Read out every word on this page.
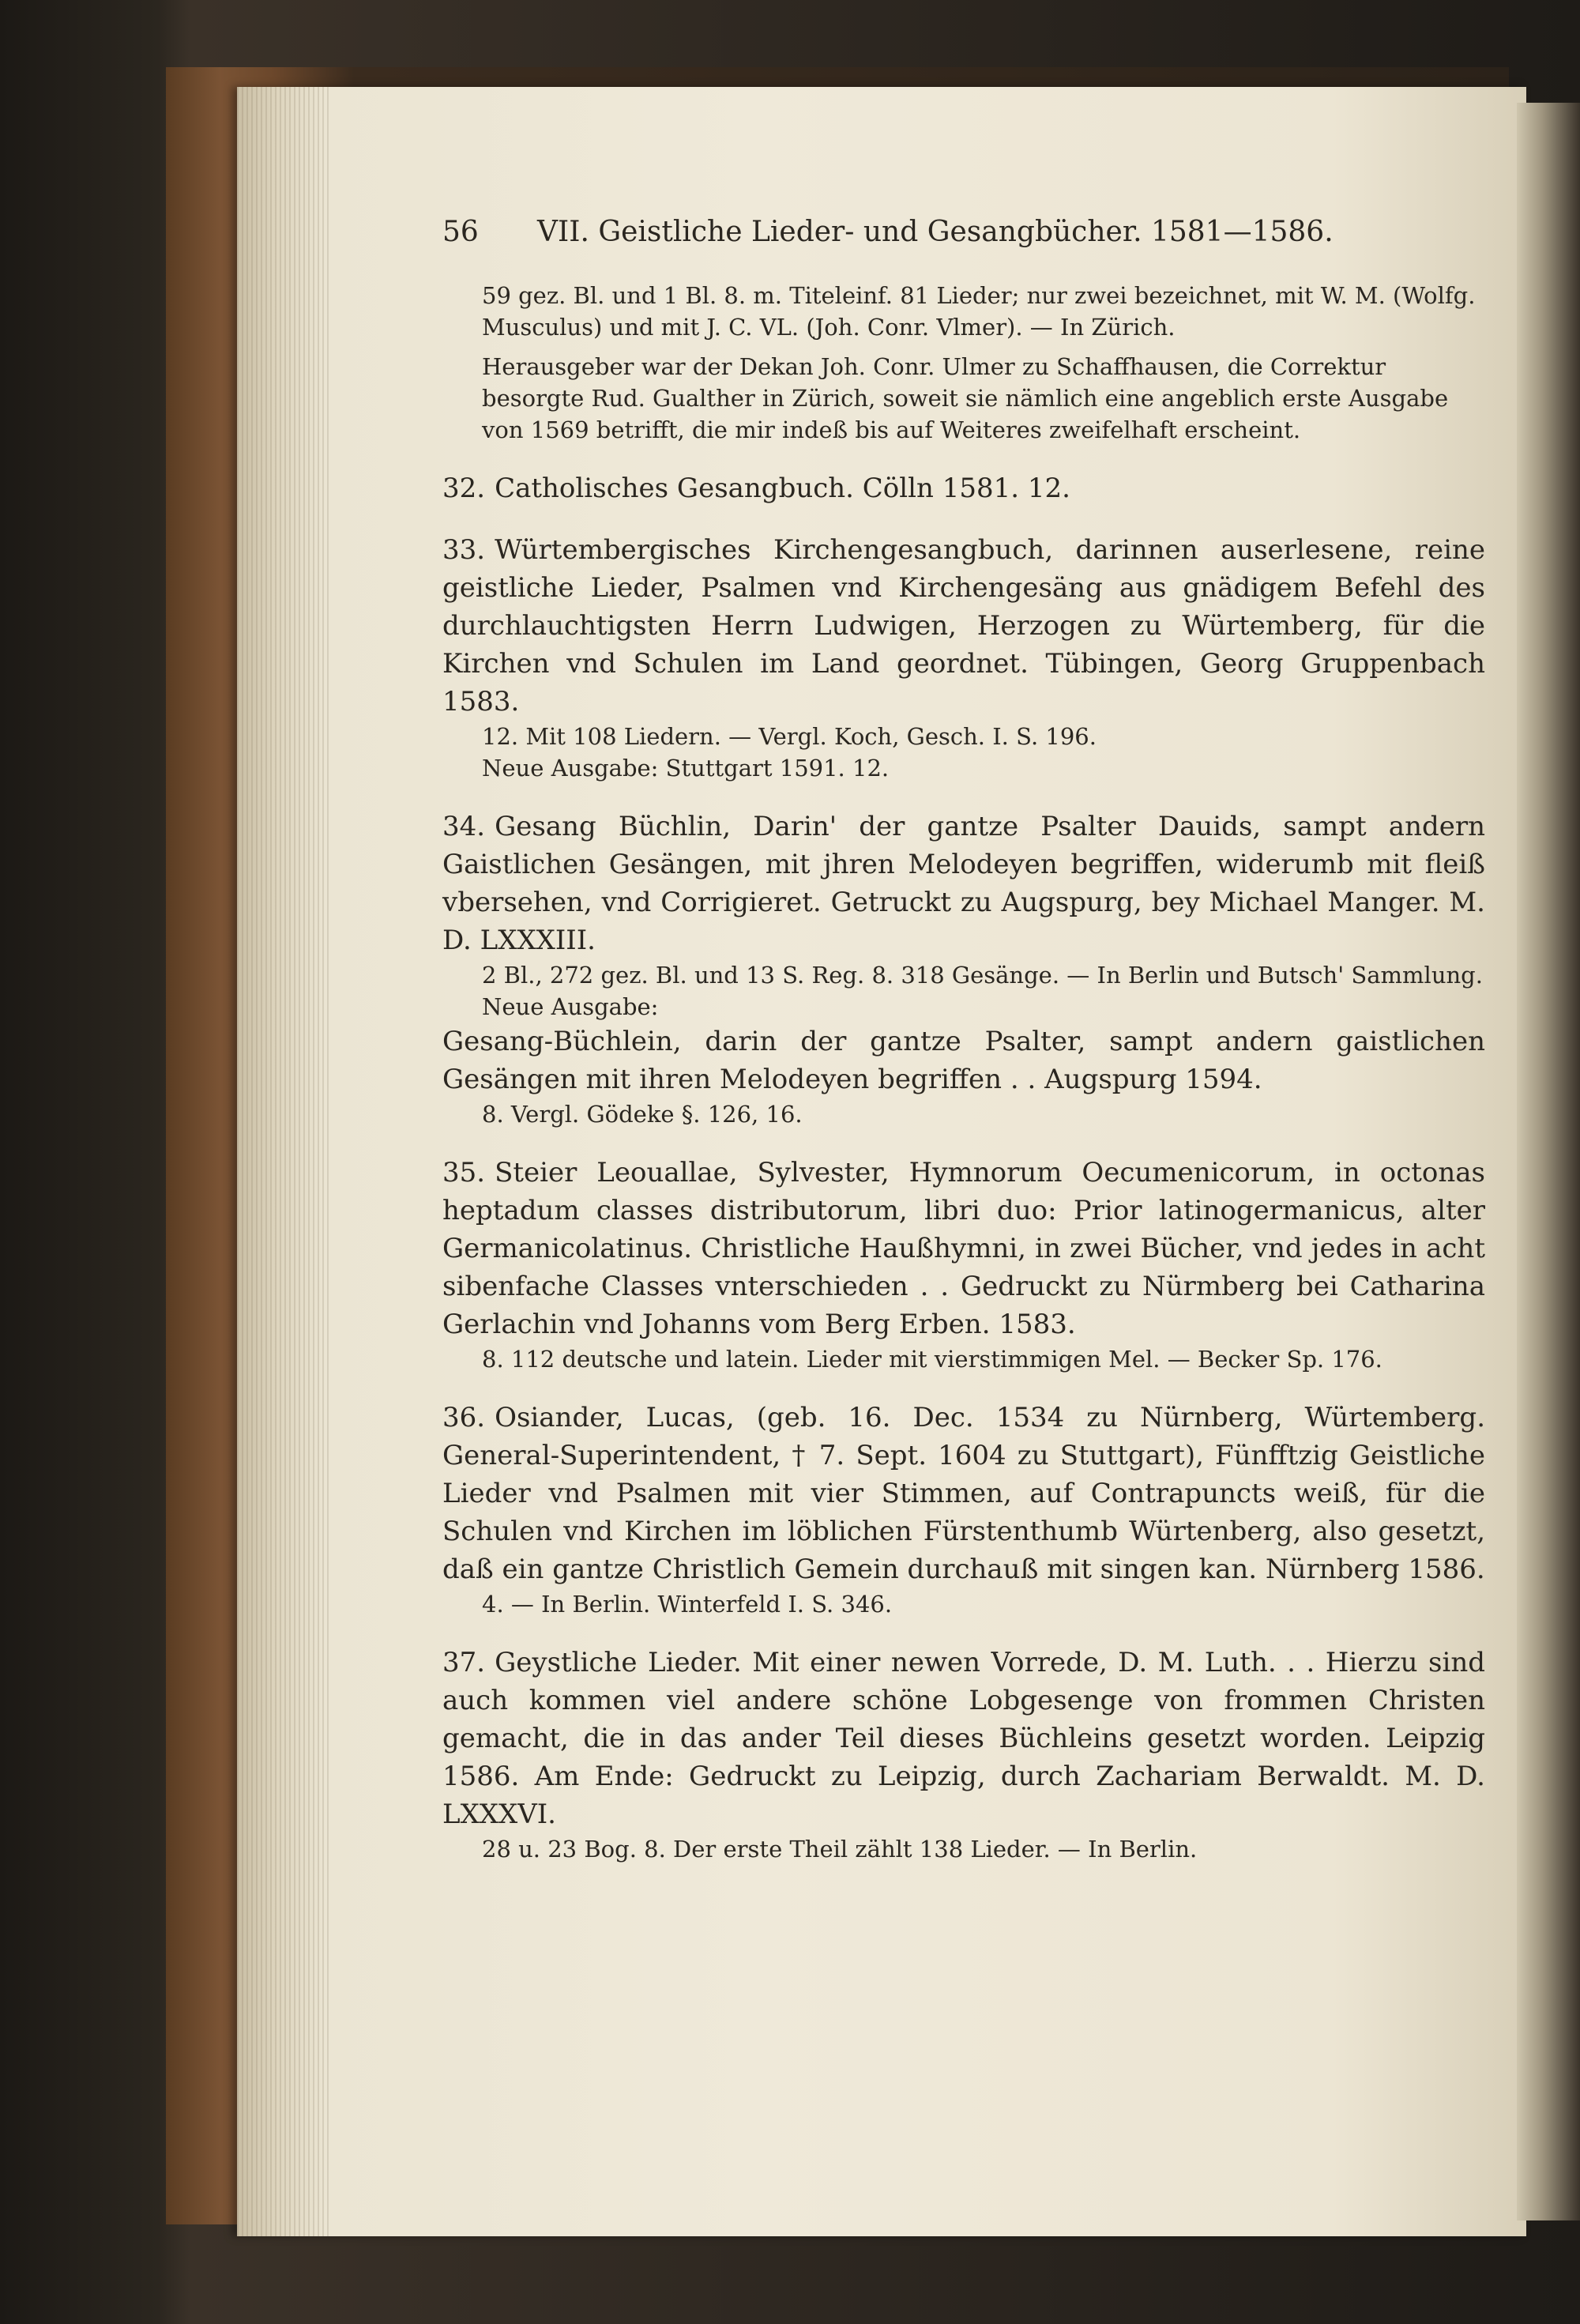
56	VII. Geistliche Lieder- und Gesangbücher. 1581—1586.
59 gez. Bl. und 1 Bl. 8. m. Titeleinf. 81 Lieder; nur zwei bezeichnet, mit W. M. (Wolfg. Musculus) und mit J. C. VL. (Joh. Conr. Vlmer). — In Zürich.
Herausgeber war der Dekan Joh. Conr. Ulmer zu Schaffhausen, die Correktur besorgte Rud. Gualther in Zürich, soweit sie nämlich eine angeblich erste Ausgabe von 1569 betrifft, die mir indeß bis auf Weiteres zweifelhaft erscheint.
32. Catholisches Gesangbuch. Cölln 1581. 12.
33. Würtembergisches Kirchengesangbuch, darinnen auserlesene, reine geistliche Lieder, Psalmen vnd Kirchengesäng aus gnädigem Befehl des durchlauchtigsten Herrn Ludwigen, Herzogen zu Würtemberg, für die Kirchen vnd Schulen im Land geordnet. Tübingen, Georg Gruppenbach 1583.
12. Mit 108 Liedern. — Vergl. Koch, Gesch. I. S. 196.
Neue Ausgabe: Stuttgart 1591. 12.
34. Gesang Büchlin, Darin' der gantze Psalter Dauids, sampt andern Gaistlichen Gesängen, mit jhren Melodeyen begriffen, widerumb mit fleiß vbersehen, vnd Corrigieret. Getruckt zu Augspurg, bey Michael Manger. M. D. LXXXIII.
2 Bl., 272 gez. Bl. und 13 S. Reg. 8. 318 Gesänge. — In Berlin und Butsch' Sammlung.
Neue Ausgabe:
Gesang-Büchlein, darin der gantze Psalter, sampt andern gaistlichen Gesängen mit ihren Melodeyen begriffen . . Augspurg 1594.
8. Vergl. Gödeke §. 126, 16.
35. Steier Leouallae, Sylvester, Hymnorum Oecumenicorum, in octonas heptadum classes distributorum, libri duo: Prior latinogermanicus, alter Germanicolatinus. Christliche Haußhymni, in zwei Bücher, vnd jedes in acht sibenfache Classes vnterschieden . . Gedruckt zu Nürmberg bei Catharina Gerlachin vnd Johanns vom Berg Erben. 1583.
8. 112 deutsche und latein. Lieder mit vierstimmigen Mel. — Becker Sp. 176.
36. Osiander, Lucas, (geb. 16. Dec. 1534 zu Nürnberg, Würtemberg. General-Superintendent, † 7. Sept. 1604 zu Stuttgart), Fünfftzig Geistliche Lieder vnd Psalmen mit vier Stimmen, auf Contrapuncts weiß, für die Schulen vnd Kirchen im löblichen Fürstenthumb Würtenberg, also gesetzt, daß ein gantze Christlich Gemein durchauß mit singen kan. Nürnberg 1586.
4. — In Berlin. Winterfeld I. S. 346.
37. Geystliche Lieder. Mit einer newen Vorrede, D. M. Luth. . . Hierzu sind auch kommen viel andere schöne Lobgesenge von frommen Christen gemacht, die in das ander Teil dieses Büchleins gesetzt worden. Leipzig 1586. Am Ende: Gedruckt zu Leipzig, durch Zachariam Berwaldt. M. D. LXXXVI.
28 u. 23 Bog. 8. Der erste Theil zählt 138 Lieder. — In Berlin.
